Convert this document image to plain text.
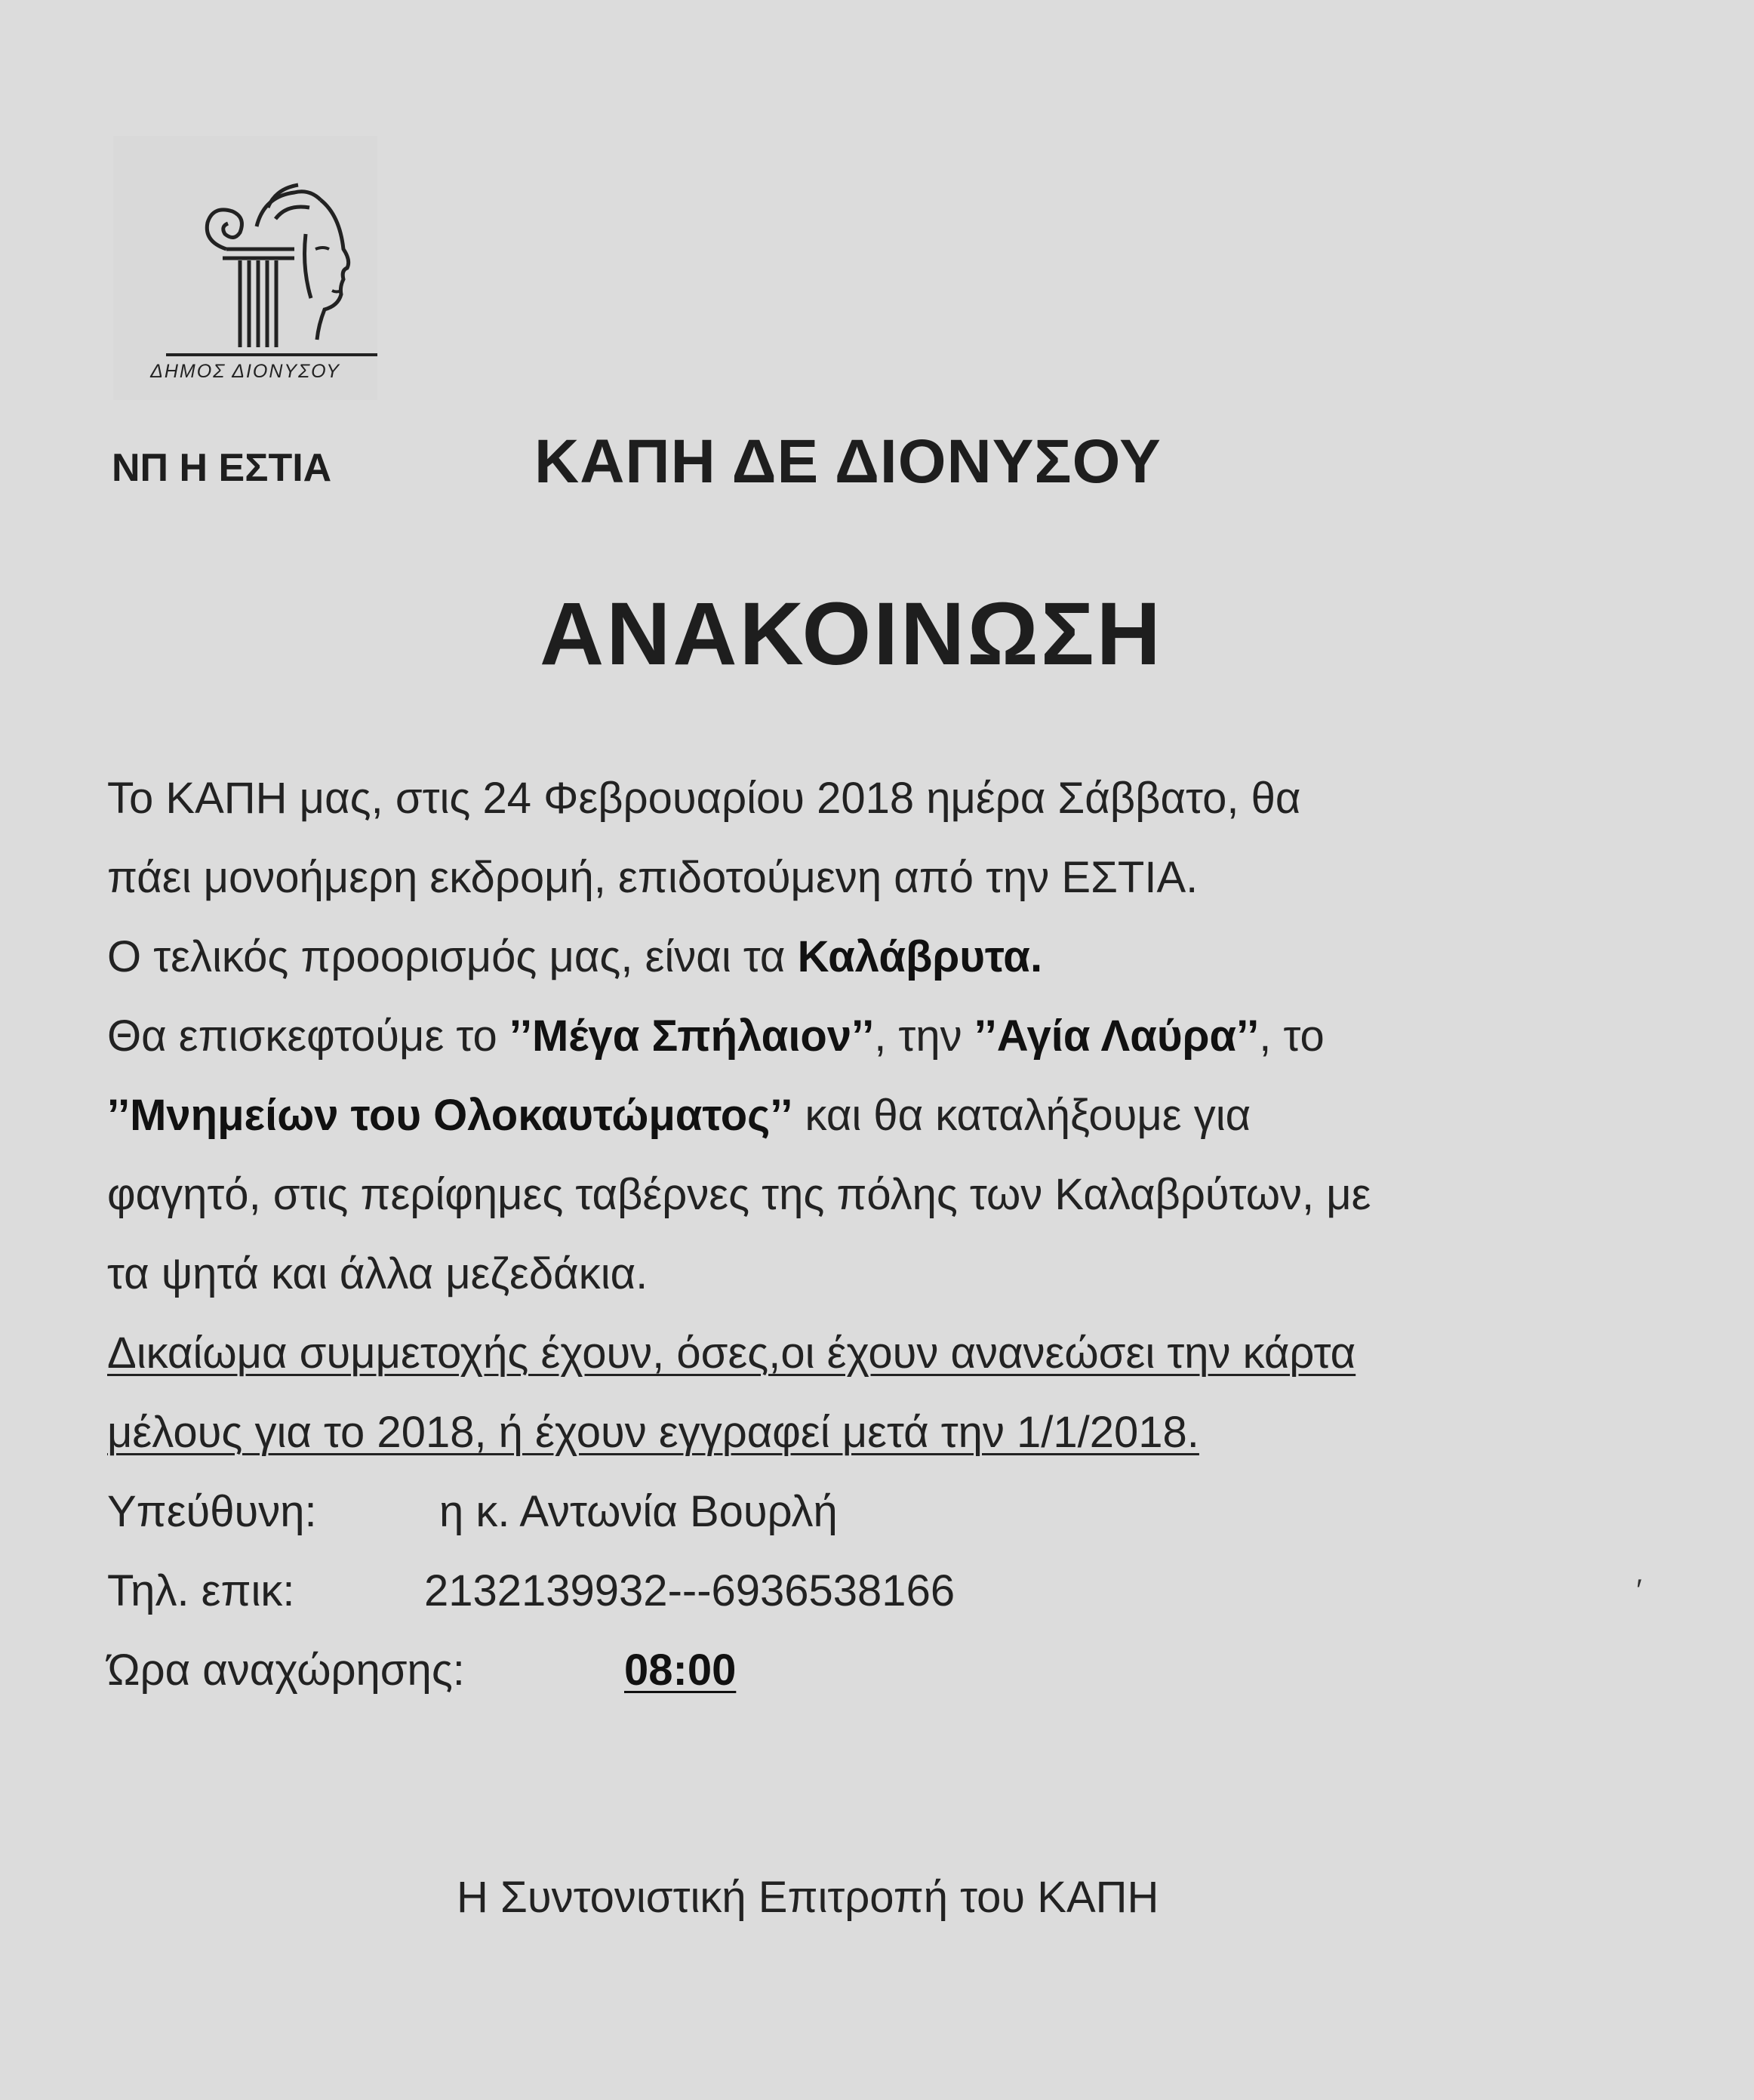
ΔΗΜΟΣ ΔΙΟΝΥΣΟΥ
ΝΠ Η ΕΣΤΙΑ	ΚΑΠΗ ΔΕ ΔΙΟΝΥΣΟΥ
ΑΝΑΚΟΙΝΩΣΗ
Το ΚΑΠΗ μας, στις 24 Φεβρουαρίου 2018 ημέρα Σάββατο, θα
πάει μονοήμερη εκδρομή, επιδοτούμενη από την ΕΣΤΙΑ.
Ο τελικός προορισμός μας, είναι τα Καλάβρυτα.
Θα επισκεφτούμε το ’’Μέγα Σπήλαιον’’, την ’’Αγία Λαύρα’’, το
’’Μνημείων του Ολοκαυτώματος’’ και θα καταλήξουμε για
φαγητό, στις περίφημες ταβέρνες της πόλης των Καλαβρύτων, με
τα ψητά και άλλα μεζεδάκια.
Δικαίωμα συμμετοχής έχουν, όσες,οι έχουν ανανεώσει την κάρτα
μέλους για το 2018, ή έχουν εγγραφεί μετά την 1/1/2018.
Υπεύθυνη:	η κ. Αντωνία Βουρλή
Τηλ. επικ:	2132139932---6936538166
Ώρα αναχώρησης:	08:00
′
Η Συντονιστική Επιτροπή του ΚΑΠΗ
